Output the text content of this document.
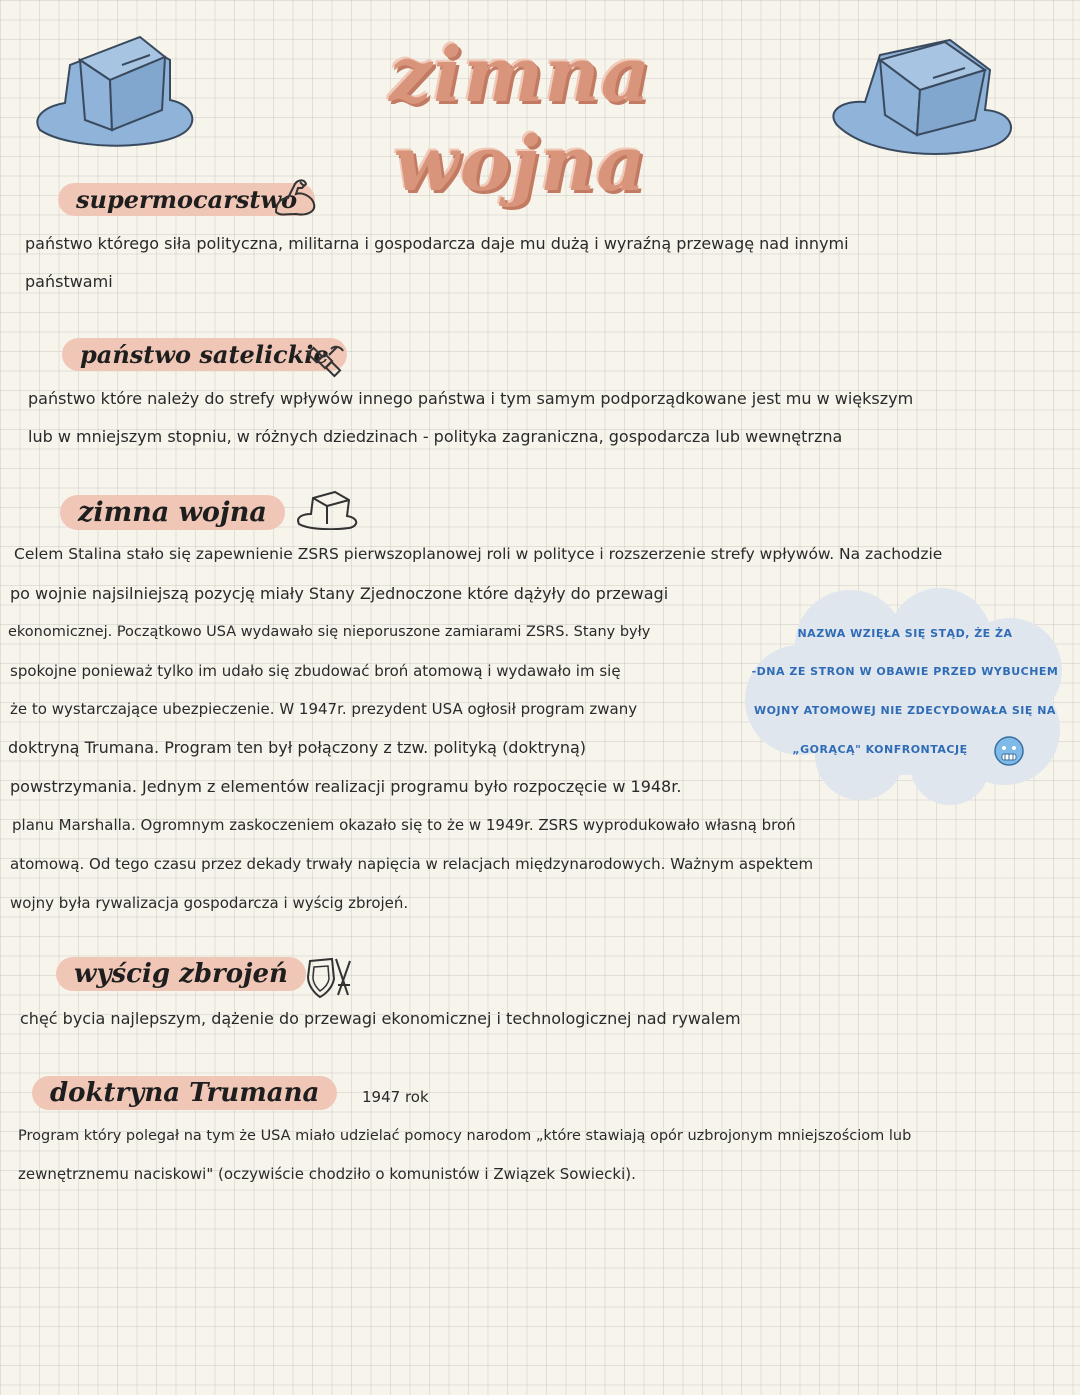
zimna wojna
supermocarstwo
państwo którego siła polityczna, militarna i gospodarcza daje mu dużą i wyraźną przewagę nad innymi
państwami
państwo satelickie
państwo które należy do strefy wpływów innego państwa i tym samym podporządkowane jest mu w większym
lub w mniejszym stopniu, w różnych dziedzinach - polityka zagraniczna, gospodarcza lub wewnętrzna
zimna wojna
NAZWA WZIĘŁA SIĘ STĄD, ŻE ŻA
-DNA ZE STRON W OBAWIE PRZED WYBUCHEM
WOJNY ATOMOWEJ NIE ZDECYDOWAŁA SIĘ NA
„GORĄCĄ" KONFRONTACJĘ
Celem Stalina stało się zapewnienie ZSRS pierwszoplanowej roli w polityce i rozszerzenie strefy wpływów. Na zachodzie
po wojnie najsilniejszą pozycję miały Stany Zjednoczone które dążyły do przewagi
ekonomicznej. Początkowo USA wydawało się nieporuszone zamiarami ZSRS. Stany były
spokojne ponieważ tylko im udało się zbudować broń atomową i wydawało im się
że to wystarczające ubezpieczenie. W 1947r. prezydent USA ogłosił program zwany
doktryną Trumana. Program ten był połączony z tzw. polityką (doktryną)
powstrzymania. Jednym z elementów realizacji programu było rozpoczęcie w 1948r.
planu Marshalla. Ogromnym zaskoczeniem okazało się to że w 1949r. ZSRS wyprodukowało własną broń
atomową. Od tego czasu przez dekady trwały napięcia w relacjach międzynarodowych. Ważnym aspektem
wojny była rywalizacja gospodarcza i wyścig zbrojeń.
wyścig zbrojeń
chęć bycia najlepszym, dążenie do przewagi ekonomicznej i technologicznej nad rywalem
doktryna Trumana	1947 rok
Program który polegał na tym że USA miało udzielać pomocy narodom „które stawiają opór uzbrojonym mniejszościom lub
zewnętrznemu naciskowi" (oczywiście chodziło o komunistów i Związek Sowiecki).
